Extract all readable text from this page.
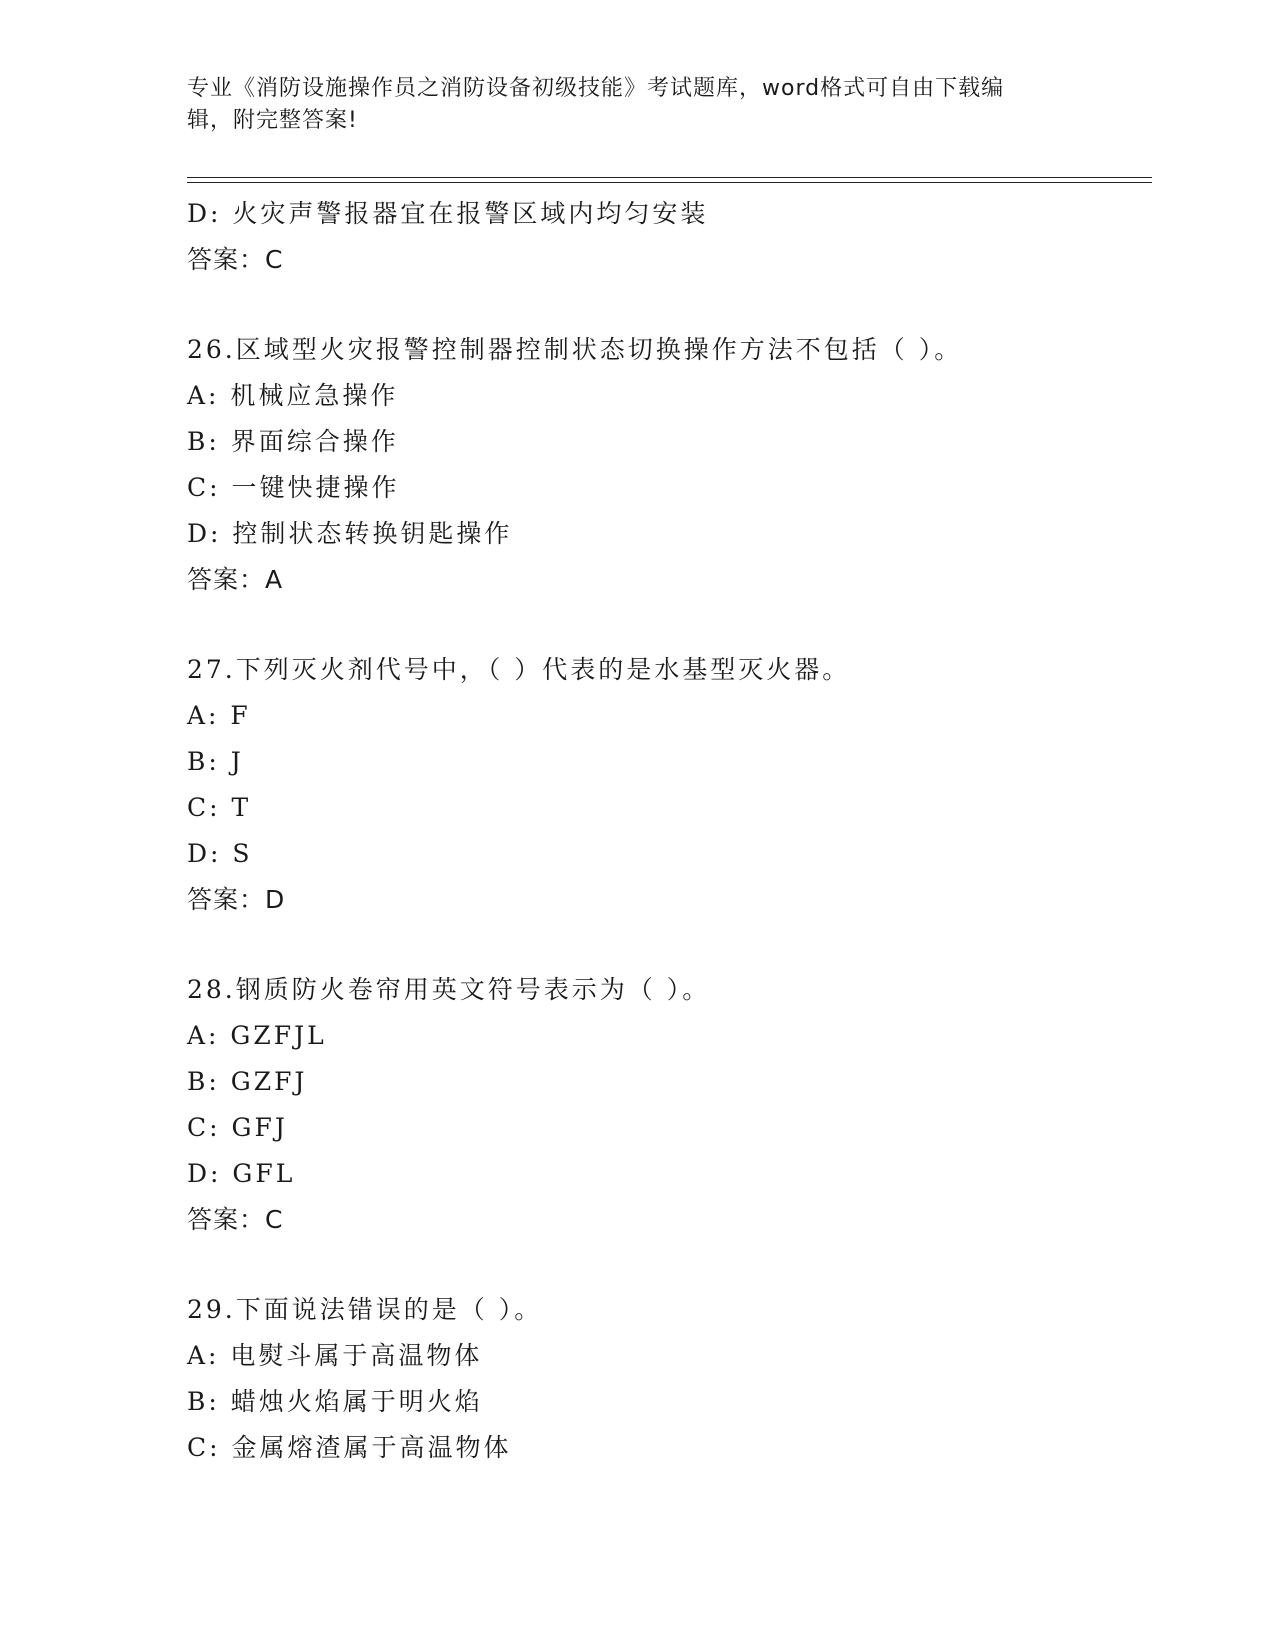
专业《消防设施操作员之消防设备初级技能》考试题库，word格式可自由下载编
辑，附完整答案!
D: 火灾声警报器宜在报警区域内均匀安装
答案：C
26.区域型火灾报警控制器控制状态切换操作方法不包括（ ）。
A: 机械应急操作
B: 界面综合操作
C: 一键快捷操作
D: 控制状态转换钥匙操作
答案：A
27.下列灭火剂代号中，（ ）代表的是水基型灭火器。
A: F
B: J
C: T
D: S
答案：D
28.钢质防火卷帘用英文符号表示为（ ）。
A: GZFJL
B: GZFJ
C: GFJ
D: GFL
答案：C
29.下面说法错误的是（ ）。
A: 电熨斗属于高温物体
B: 蜡烛火焰属于明火焰
C: 金属熔渣属于高温物体
